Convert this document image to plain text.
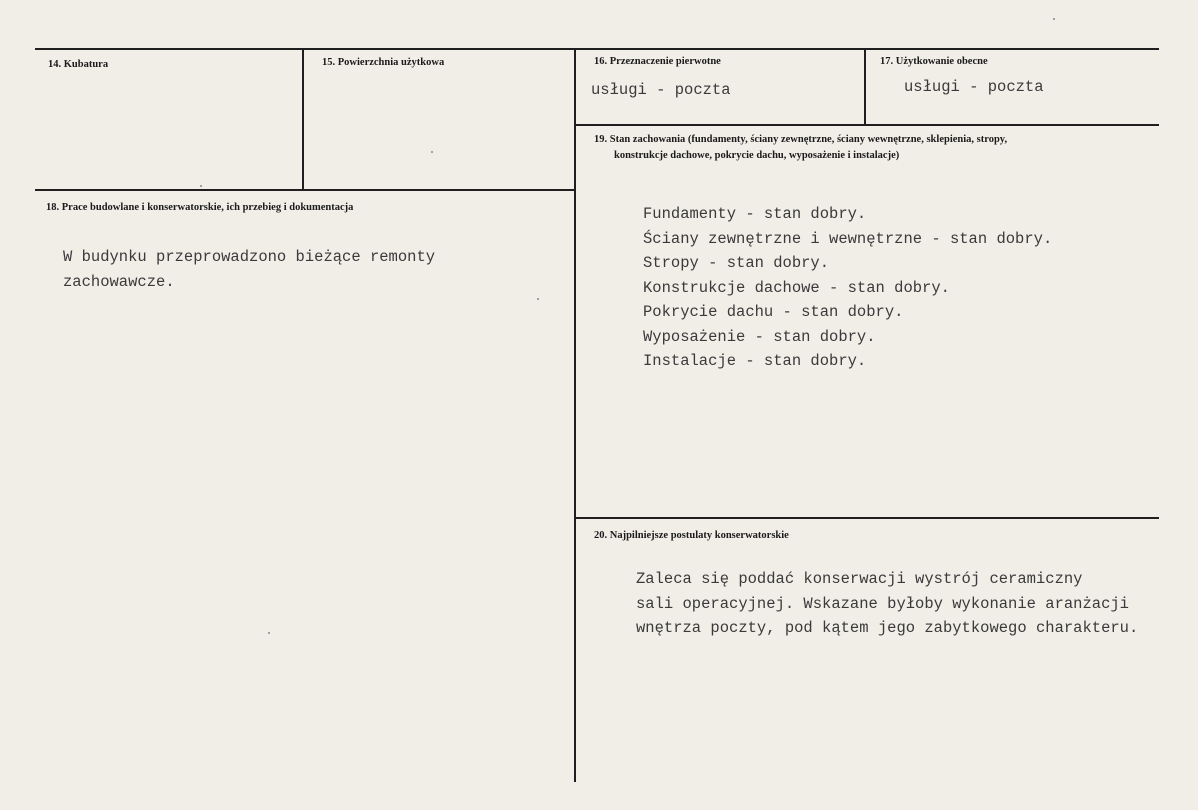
14. Kubatura	15. Powierzchnia użytkowa	16. Przeznaczenie pierwotne
usługi - poczta
17. Użytkowanie obecne
usługi - poczta
18. Prace budowlane i konserwatorskie, ich przebieg i dokumentacja
W budynku przeprowadzono bieżące remonty
zachowawcze.
19. Stan zachowania (fundamenty, ściany zewnętrzne, ściany wewnętrzne, sklepienia, stropy,
konstrukcje dachowe, pokrycie dachu, wyposażenie i instalacje)
Fundamenty - stan dobry.
Ściany zewnętrzne i wewnętrzne - stan dobry.
Stropy - stan dobry.
Konstrukcje dachowe - stan dobry.
Pokrycie dachu - stan dobry.
Wyposażenie - stan dobry.
Instalacje - stan dobry.
20. Najpilniejsze postulaty konserwatorskie
Zaleca się poddać konserwacji wystrój ceramiczny
sali operacyjnej. Wskazane byłoby wykonanie aranżacji
wnętrza poczty, pod kątem jego zabytkowego charakteru.
